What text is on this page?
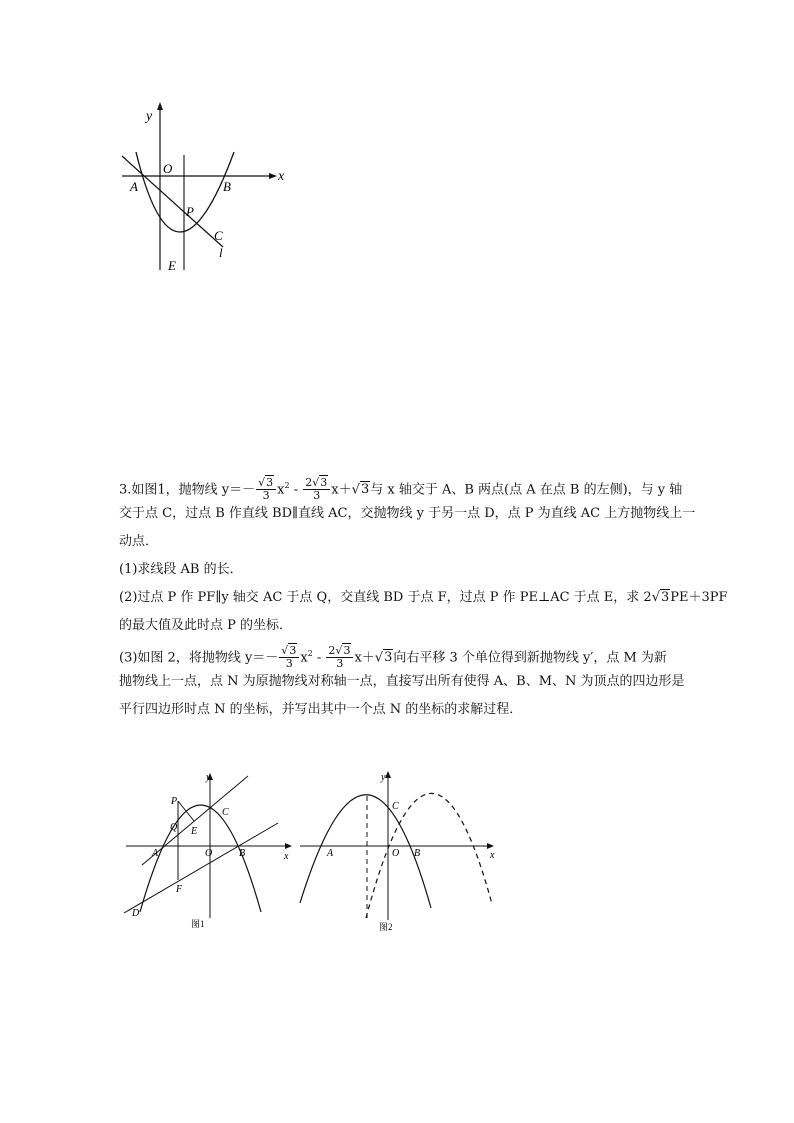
y
x
O
A	B
P
C
l
E
3.如图1，抛物线 $y=- \frac{√3}{3} x^2 - \frac{2√3}{3} x+√3$与 x 轴交于 A、B 两点(点 A 在点 B 的左侧)，与 y 轴
交于点 C，过点 B 作直线 BD∥直线 AC，交抛物线 y 于另一点 D，点 P 为直线 AC 上方抛物线上一
动点．
(1)求线段 AB 的长．
(2)过点 P 作 PF∥y 轴交 AC 于点 Q，交直线 BD 于点 F，过点 P 作 PE⊥AC 于点 E，求 2√3PE＋3PF
的最大值及此时点 P 的坐标．
(3)如图 2，将抛物线 $y=- \frac{√3}{3} x^2 - \frac{2√3}{3} x+√3$向右平移 3 个单位得到新抛物线 y′，点 M 为新
抛物线上一点，点 N 为原抛物线对称轴一点，直接写出所有使得 A、B、M、N 为顶点的四边形是
平行四边形时点 N 的坐标，并写出其中一个点 N 的坐标的求解过程．
y
x
P
C
Q E
A	O	B
F
D
图1
y
x
C
A	O B
图2
